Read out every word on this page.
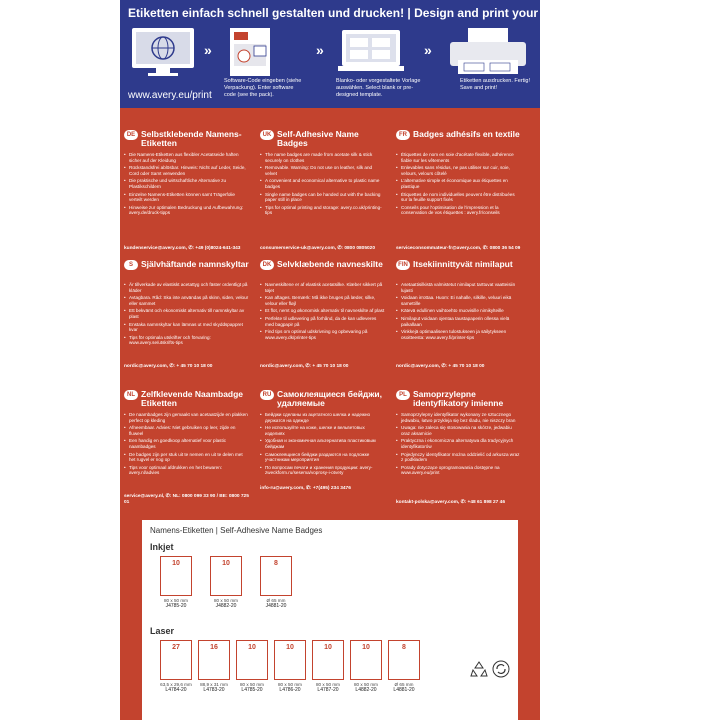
Etiketten einfach schnell gestalten und drucken! | Design and print your labels easily!
»
Software-Code eingeben (siehe Verpackung). Enter software code (see the pack).
»
Blanko- oder vorgestaltete Vorlage auswählen. Select blank or pre-designed template.
»
Etiketten ausdrucken. Fertig! Save and print!
www.avery.eu/print
DE Selbstklebende Namens-Etiketten
• Die Namens-Etiketten aus flexibler Acetatseide haften sicher auf der Kleidung
• Rückstandsfrei ablösbar. Hinweis: Nicht auf Leder, Seide, Cord oder Samt verwenden
• Die praktische und wirtschaftliche Alternative zu Plastikschildern
• Einzelne Namens-Etiketten können samt Trägerfolie verteilt werden
• Hinweise zur optimalen Bedruckung und Aufbewahrung: avery.de/druck-tipps
kundenservice@avery.com, ✆: +49 (0)8024-641-343
UK Self-Adhesive Name Badges
• The name badges are made from acetate silk & stick securely on clothes
• Removable. Warning: Do not use on leather, silk and velvet
• A convenient and economical alternative to plastic name badges
• Single name badges can be handed out with the backing paper still in place
• Tips for optimal printing and storage: avery.co.uk/printing-tips
consumerservice-uk@avery.com, ✆: 0800 0805020
FR Badges adhésifs en textile
• Étiquettes de nom en soie d'acétate flexible, adhérence fiable sur les vêtements
• Enlevables sans résidus, ne pas utiliser sur cuir, soie, velours, velours côtelé
• L'alternative simple et économique aux étiquettes en plastique
• Étiquettes de nom individuelles peuvent être distribuées sur la feuille support fixés
• Conseils pour l'optimisation de l'impression et la conservation de vos étiquettes : avery.fr/conseils
serviceconsommateur-fr@avery.com, ✆: 0800 36 54 09
S Självhäftande namnskyltar
• Är tillverkade av elastiskt acetattyg och fäster ordentligt på kläder
• Avtagbara. Råd: Ska inte användas på skinn, siden, velour eller sammet
• Ett bekvämt och ekonomiskt alternativ till namnskyltar av plast
• Enstaka namnskyltar kan lämnas ut med skyddspappret kvar
• Tips för optimala utskrifter och förvaring: www.avery.se/utskrifts-tips
nordic@avery.com, ✆: + 45 70 10 18 00
DK Selvklæbende navneskilte
• Navneskiltene er af elastisk acetatsilke. Klæber sikkert på tøjet
• Kan aftages. Bemærk: Må ikke bruges på læder, silke, velour eller fløjl
• Et flot, nemt og økonomisk alternativ til navneskilte af plast
• Perfekte til udlevering på forhånd, da de kan udleveres med bagpapir på
• Find tips om optimal udskrivning og opbevaring på www.avery.dk/printer-tips
nordic@avery.com, ✆: + 45 70 10 18 00
FIN Itsekiinnittyvät nimilaput
• Asetaattisilkistä valmistetut nimilaput tarttuvat vaatteisiin lujasti
• Voidaan irrottaa. Huom: Ei nahalle, silkille, veluuri eikä samettille
• Kätevä edullinen vaihtoehto muovisille nimikylteille
• Nimilaput voidaan ojentaa taustapaperin ollessa vielä paikallaan
• Vinkkejä optimaaliseen tulostukseen ja säilytykseen osoitteesta: www.avery.fi/printer-tips
nordic@avery.com, ✆: + 45 70 10 18 00
NL Zelfklevende Naambadge Etiketten
• De naambadges zijn gemaakt van acetaatzijde en plakken perfect op kleding
• Afneembaar. Advies: Niet gebruiken op leer, zijde en fluweel
• Een handig en goedkoop alternatief voor plastic naambadges
• De badges zijn per stuk uit te nemen en uit te delen met het rugvel er nog op
• Tips voor optimaal afdrukken en het bewaren: avery.nl/advies
service@avery.nl, ✆: NL: 0800 099 33 90 / BE: 0800 725 01
RU Самоклеящиеся бейджи, удаляемые
• Бейджи сделаны из ацетатного шелка и надежно держатся на одежде
• Не используйте на коже, шелке и вельветовых изделиях
• Удобная и экономичная альтернатива пластиковым бейджам
• Самоклеящиеся бейджи раздаются на подложке участникам мероприятия
• По вопросам печати и хранения продукции: avery-zweckform.ru/sesema/voprosy-i-otvety
info-ru@avery.com, ✆: +7(495) 234 3476
PL Samoprzylepne identyfikatory imienne
• Samoprzylepny identyfikator wykonany ze sztucznego jedwabiu, łatwo przykleja się bez śladu, nie niszczy bran
• Uwaga: nie zaleca się stosowania na skórze, jedwabiu oraz aksamicie
• Praktyczna i ekonomiczna alternatywa dla tradycyjnych identyfikatorów
• Pojedynczy identyfikator można oddzielić od arkusza wraz z podkładem
• Porady dotyczące oprogramowania dostępne na www.avery.eu/print
kontakt-polska@avery.com, ✆: +48 61 898 27 46
Namens-Etiketten | Self-Adhesive Name Badges
Inkjet
10
80 x 50 mm
J4785-20
10
80 x 50 mm
J4882-20
8
Ø 65 mm
J4881-20
Laser
27
63,5 x 29,6 mm
L4784-20
16
88,9 x 31 mm
L4783-20
10
80 x 50 mm
L4785-20
10
80 x 50 mm
L4786-20
10
80 x 50 mm
L4787-20
10
80 x 50 mm
L4882-20
8
Ø 65 mm
L4881-20
